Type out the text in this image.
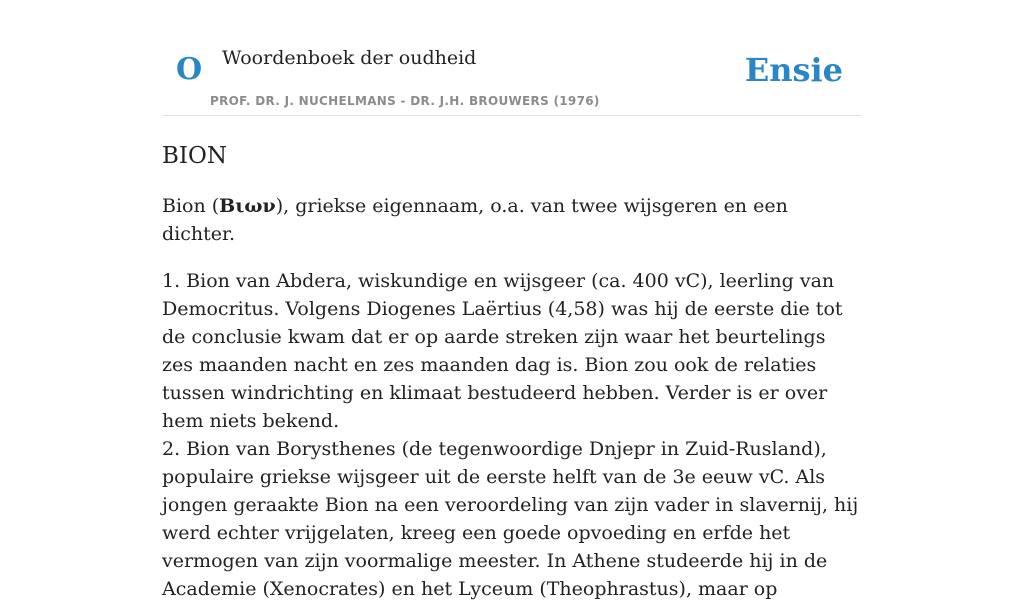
O Woordenboek der oudheid
PROF. DR. J. NUCHELMANS - DR. J.H. BROUWERS (1976)
Ensie
BION

Bion (Βιων), griekse eigennaam, o.a. van twee wijsgeren en een dichter.

1. Bion van Abdera, wiskundige en wijsgeer (ca. 400 vC), leerling van Democritus. Volgens Diogenes Laërtius (4,58) was hij de eerste die tot de conclusie kwam dat er op aarde streken zijn waar het beurtelings zes maanden nacht en zes maanden dag is. Bion zou ook de relaties tussen windrichting en klimaat bestudeerd hebben. Verder is er over hem niets bekend.

2. Bion van Borysthenes (de tegenwoordige Dnjepr in Zuid-Rusland), populaire griekse wijsgeer uit de eerste helft van de 3e eeuw vC. Als jongen geraakte Bion na een veroordeling van zijn vader in slavernij, hij werd echter vrijgelaten, kreeg een goede opvoeding en erfde het vermogen van zijn voormalige meester. In Athene studeerde hij in de Academie (Xenocrates) en het Lyceum (Theophrastus), maar op
